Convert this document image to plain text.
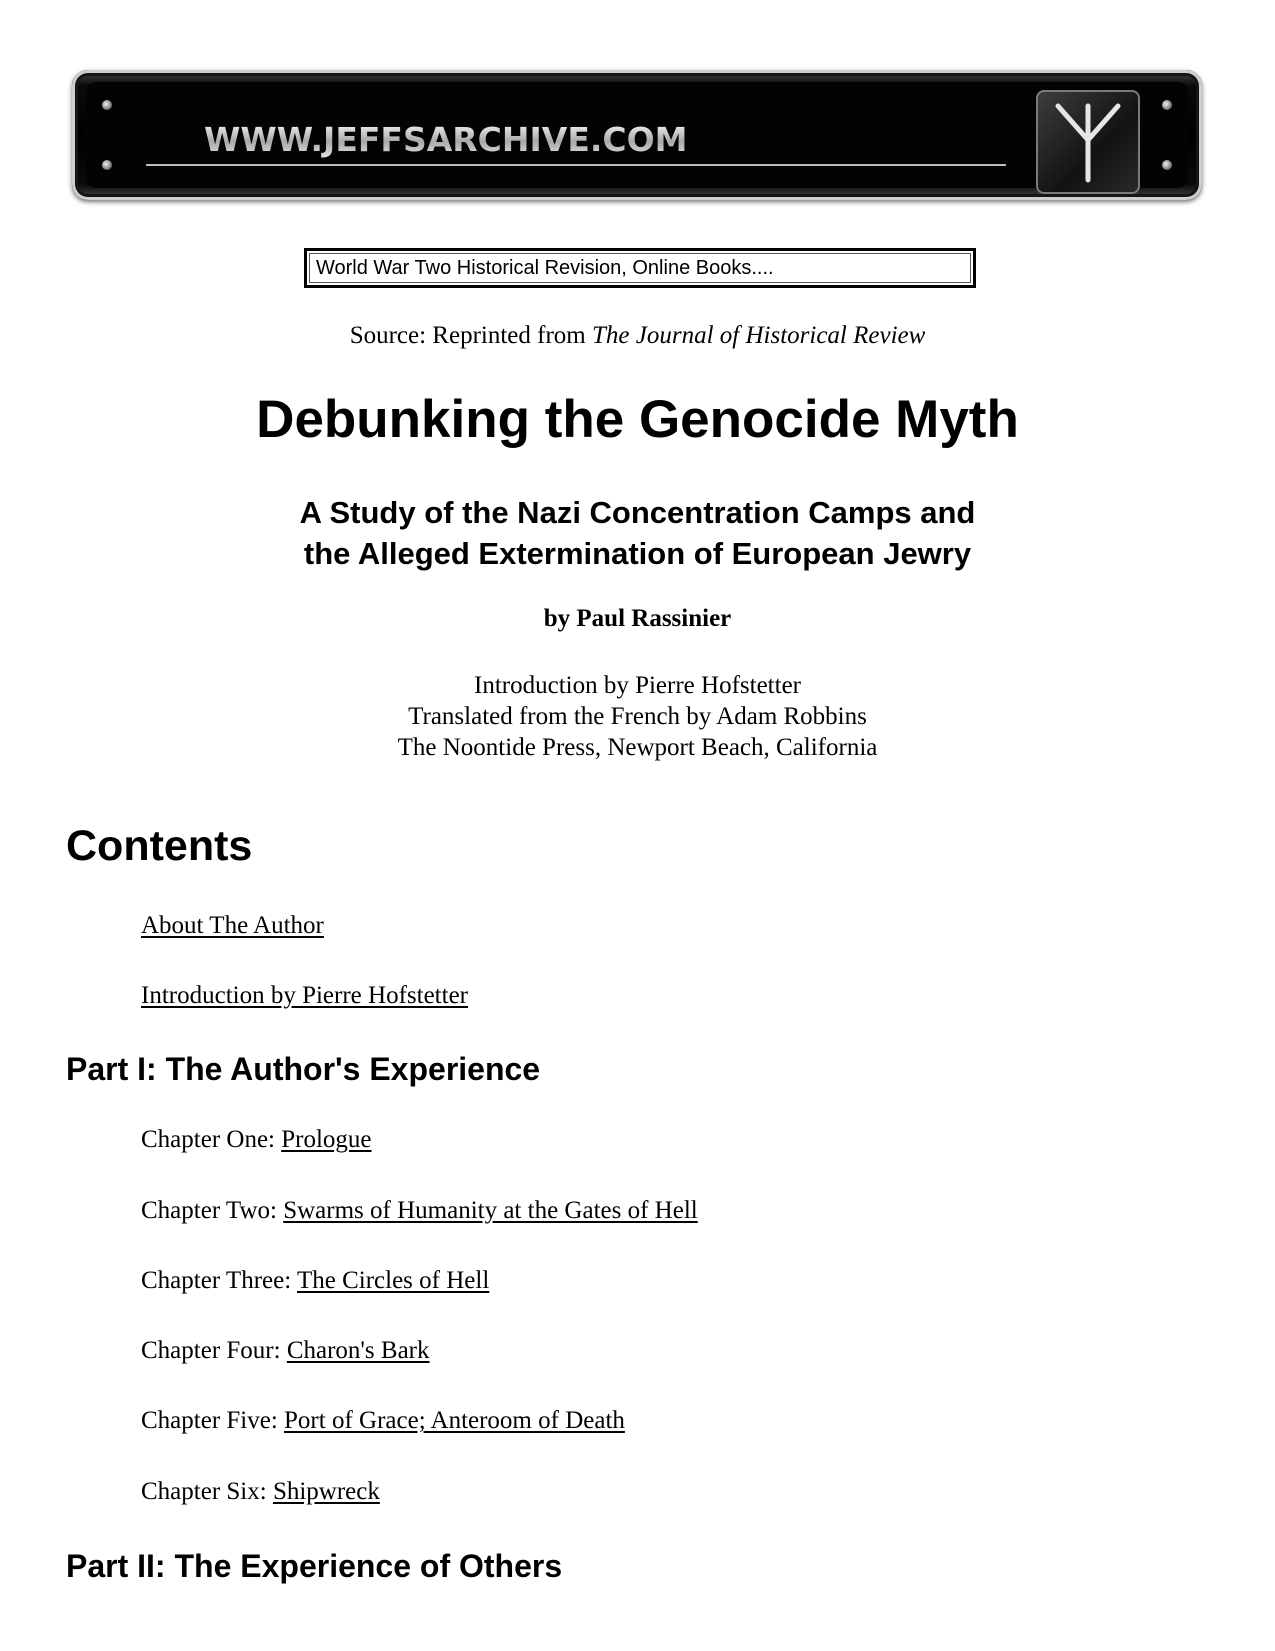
WWW.JEFFSARCHIVE.COM
World War Two Historical Revision, Online Books....
Source: Reprinted from The Journal of Historical Review
Debunking the Genocide Myth
A Study of the Nazi Concentration Camps and
the Alleged Extermination of European Jewry
by Paul Rassinier
Introduction by Pierre Hofstetter
Translated from the French by Adam Robbins
The Noontide Press, Newport Beach, California
Contents
About The Author
Introduction by Pierre Hofstetter
Part I: The Author's Experience
Chapter One: Prologue
Chapter Two: Swarms of Humanity at the Gates of Hell
Chapter Three: The Circles of Hell
Chapter Four: Charon's Bark
Chapter Five: Port of Grace; Anteroom of Death
Chapter Six: Shipwreck
Part II: The Experience of Others
